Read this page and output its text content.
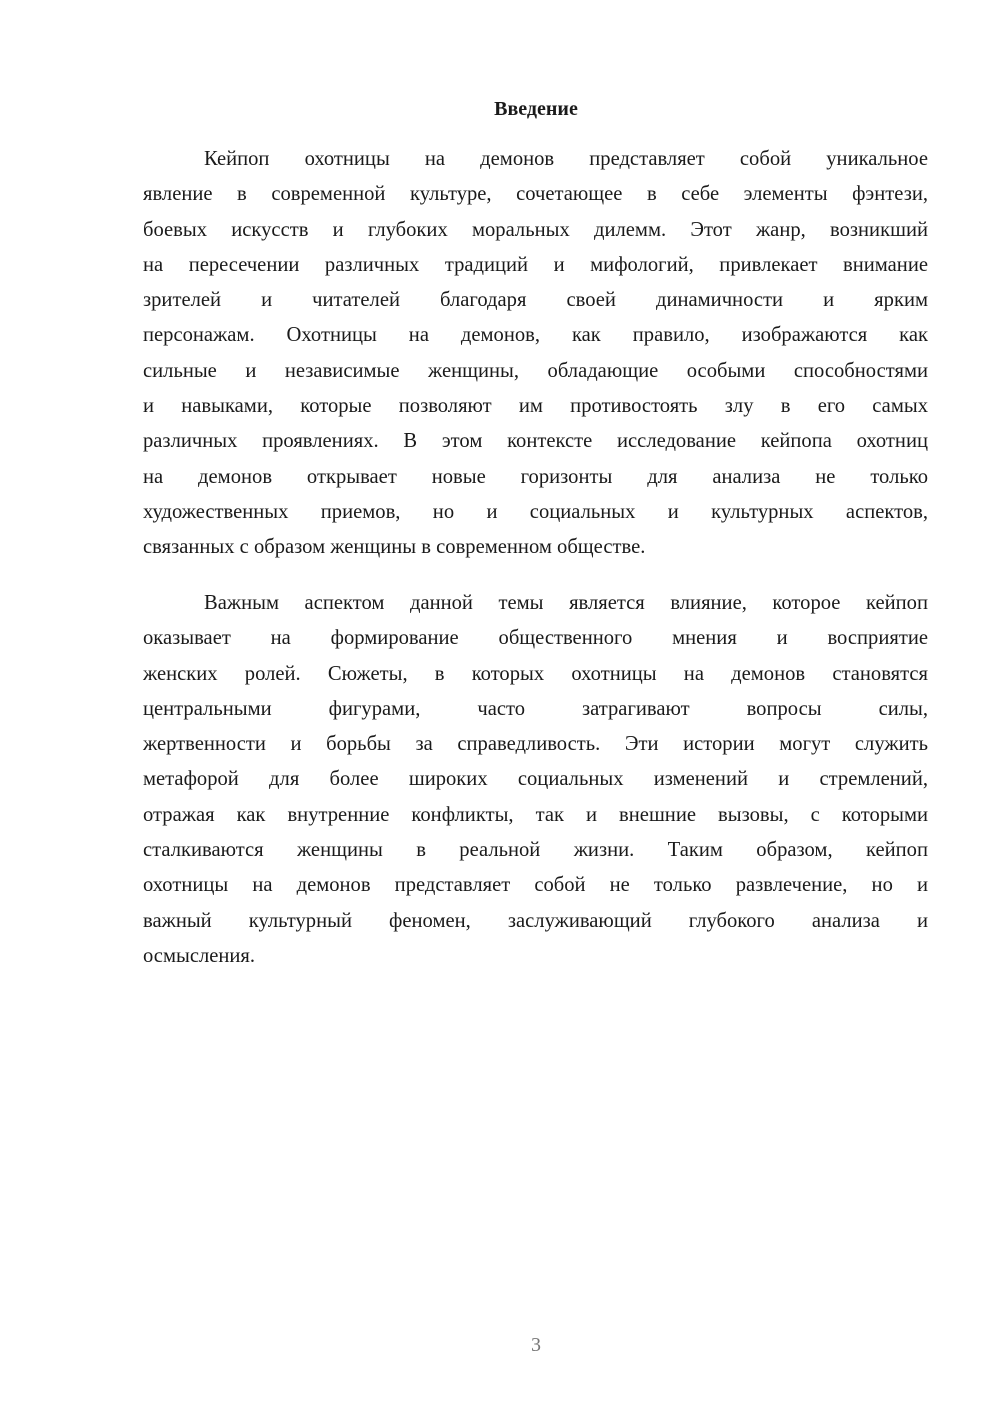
Введение
Кейпоп охотницы на демонов представляет собой уникальное
явление в современной культуре, сочетающее в себе элементы фэнтези,
боевых искусств и глубоких моральных дилемм. Этот жанр, возникший
на пересечении различных традиций и мифологий, привлекает внимание
зрителей и читателей благодаря своей динамичности и ярким
персонажам. Охотницы на демонов, как правило, изображаются как
сильные и независимые женщины, обладающие особыми способностями
и навыками, которые позволяют им противостоять злу в его самых
различных проявлениях. В этом контексте исследование кейпопа охотниц
на демонов открывает новые горизонты для анализа не только
художественных приемов, но и социальных и культурных аспектов,
связанных с образом женщины в современном обществе.
Важным аспектом данной темы является влияние, которое кейпоп
оказывает на формирование общественного мнения и восприятие
женских ролей. Сюжеты, в которых охотницы на демонов становятся
центральными фигурами, часто затрагивают вопросы силы,
жертвенности и борьбы за справедливость. Эти истории могут служить
метафорой для более широких социальных изменений и стремлений,
отражая как внутренние конфликты, так и внешние вызовы, с которыми
сталкиваются женщины в реальной жизни. Таким образом, кейпоп
охотницы на демонов представляет собой не только развлечение, но и
важный культурный феномен, заслуживающий глубокого анализа и
осмысления.
3
